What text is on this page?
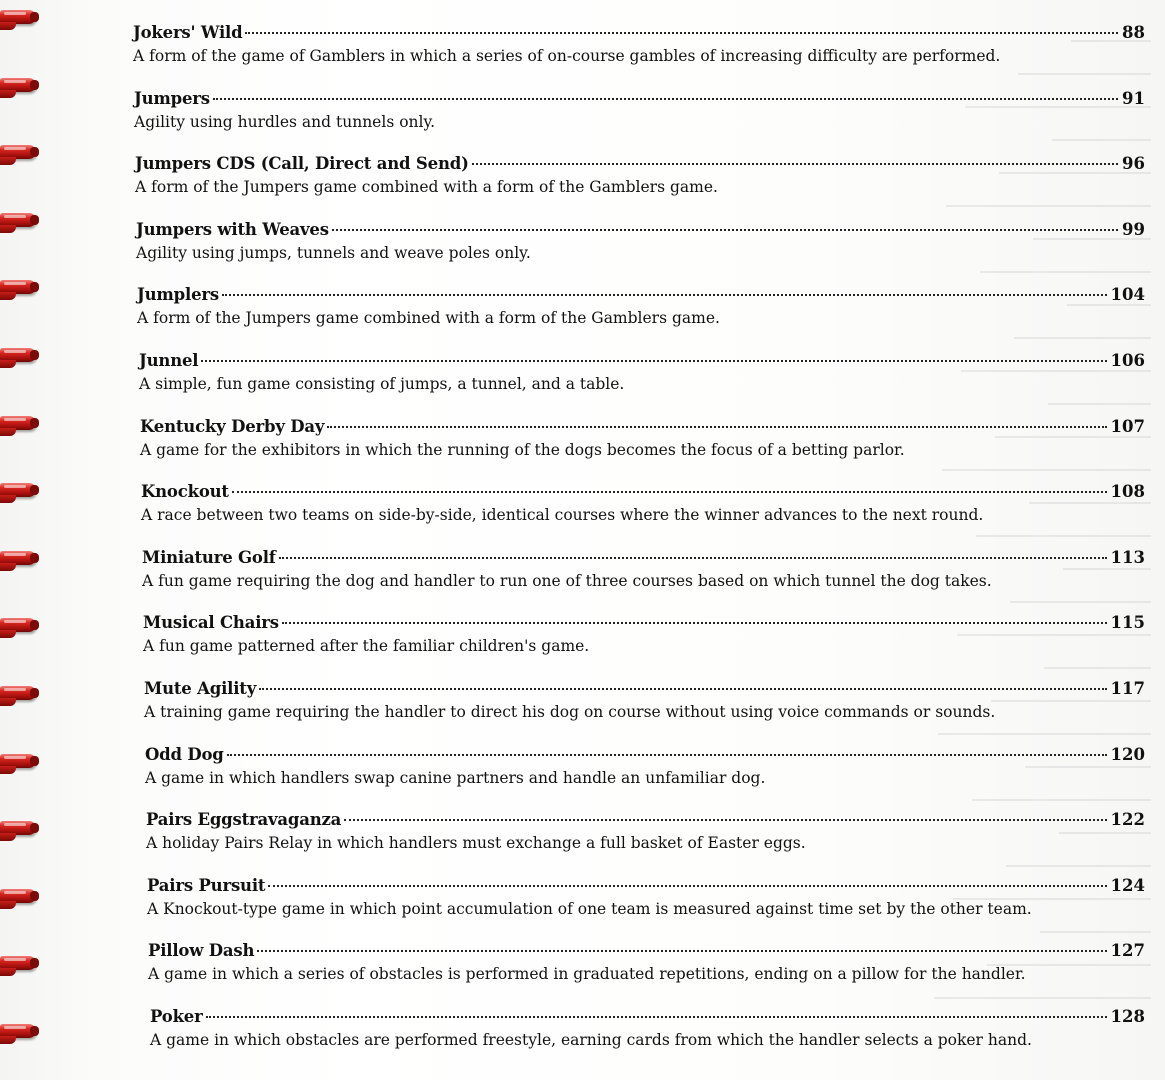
Jokers' Wild	88
A form of the game of Gamblers in which a series of on-course gambles of increasing difficulty are performed.
Jumpers	91
Agility using hurdles and tunnels only.
Jumpers CDS (Call, Direct and Send)	96
A form of the Jumpers game combined with a form of the Gamblers game.
Jumpers with Weaves	99
Agility using jumps, tunnels and weave poles only.
Jumplers	104
A form of the Jumpers game combined with a form of the Gamblers game.
Junnel	106
A simple, fun game consisting of jumps, a tunnel, and a table.
Kentucky Derby Day	107
A game for the exhibitors in which the running of the dogs becomes the focus of a betting parlor.
Knockout	108
A race between two teams on side-by-side, identical courses where the winner advances to the next round.
Miniature Golf	113
A fun game requiring the dog and handler to run one of three courses based on which tunnel the dog takes.
Musical Chairs	115
A fun game patterned after the familiar children's game.
Mute Agility	117
A training game requiring the handler to direct his dog on course without using voice commands or sounds.
Odd Dog	120
A game in which handlers swap canine partners and handle an unfamiliar dog.
Pairs Eggstravaganza	122
A holiday Pairs Relay in which handlers must exchange a full basket of Easter eggs.
Pairs Pursuit	124
A Knockout-type game in which point accumulation of one team is measured against time set by the other team.
Pillow Dash	127
A game in which a series of obstacles is performed in graduated repetitions, ending on a pillow for the handler.
Poker	128
A game in which obstacles are performed freestyle, earning cards from which the handler selects a poker hand.
